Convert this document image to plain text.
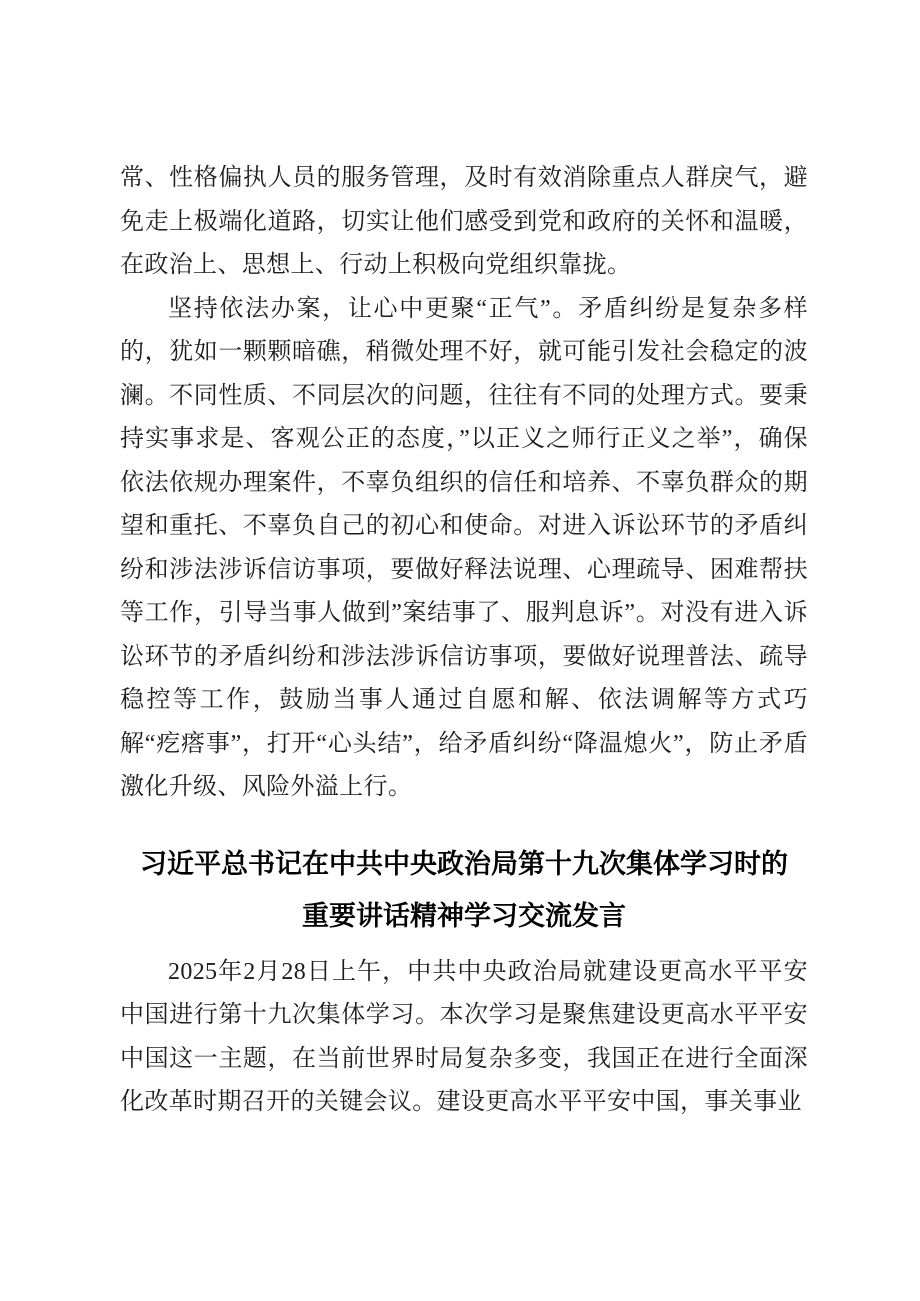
常、性格偏执人员的服务管理，及时有效消除重点人群戾气，避免走上极端化道路，切实让他们感受到党和政府的关怀和温暖，在政治上、思想上、行动上积极向党组织靠拢。

坚持依法办案，让心中更聚“正气”。矛盾纠纷是复杂多样的，犹如一颗颗暗礁，稍微处理不好，就可能引发社会稳定的波澜。不同性质、不同层次的问题，往往有不同的处理方式。要秉持实事求是、客观公正的态度，”以正义之师行正义之举”，确保依法依规办理案件，不辜负组织的信任和培养、不辜负群众的期望和重托、不辜负自己的初心和使命。对进入诉讼环节的矛盾纠纷和涉法涉诉信访事项，要做好释法说理、心理疏导、困难帮扶等工作，引导当事人做到”案结事了、服判息诉”。对没有进入诉讼环节的矛盾纠纷和涉法涉诉信访事项，要做好说理普法、疏导稳控等工作，鼓励当事人通过自愿和解、依法调解等方式巧解“疙瘩事”，打开“心头结”，给矛盾纠纷“降温熄火”，防止矛盾激化升级、风险外溢上行。

习近平总书记在中共中央政治局第十九次集体学习时的
重要讲话精神学习交流发言

2025年2月28日上午，中共中央政治局就建设更高水平平安中国进行第十九次集体学习。本次学习是聚焦建设更高水平平安中国这一主题，在当前世界时局复杂多变，我国正在进行全面深化改革时期召开的关键会议。建设更高水平平安中国，事关事业
